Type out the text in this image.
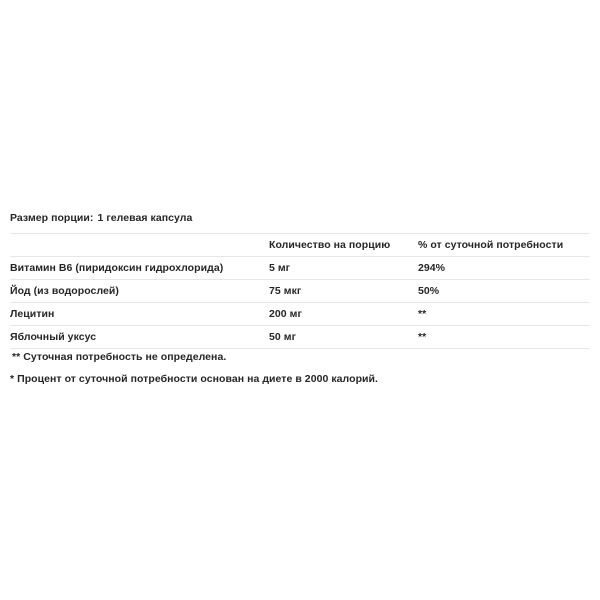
Размер порции: 1 гелевая капсула
	Количество на порцию	% от суточной потребности
Витамин B6 (пиридоксин гидрохлорида)	5 мг	294%
Йод (из водорослей)	75 мкг	50%
Лецитин	200 мг	**
Яблочный уксус	50 мг	**
** Суточная потребность не определена.
* Процент от суточной потребности основан на диете в 2000 калорий.
